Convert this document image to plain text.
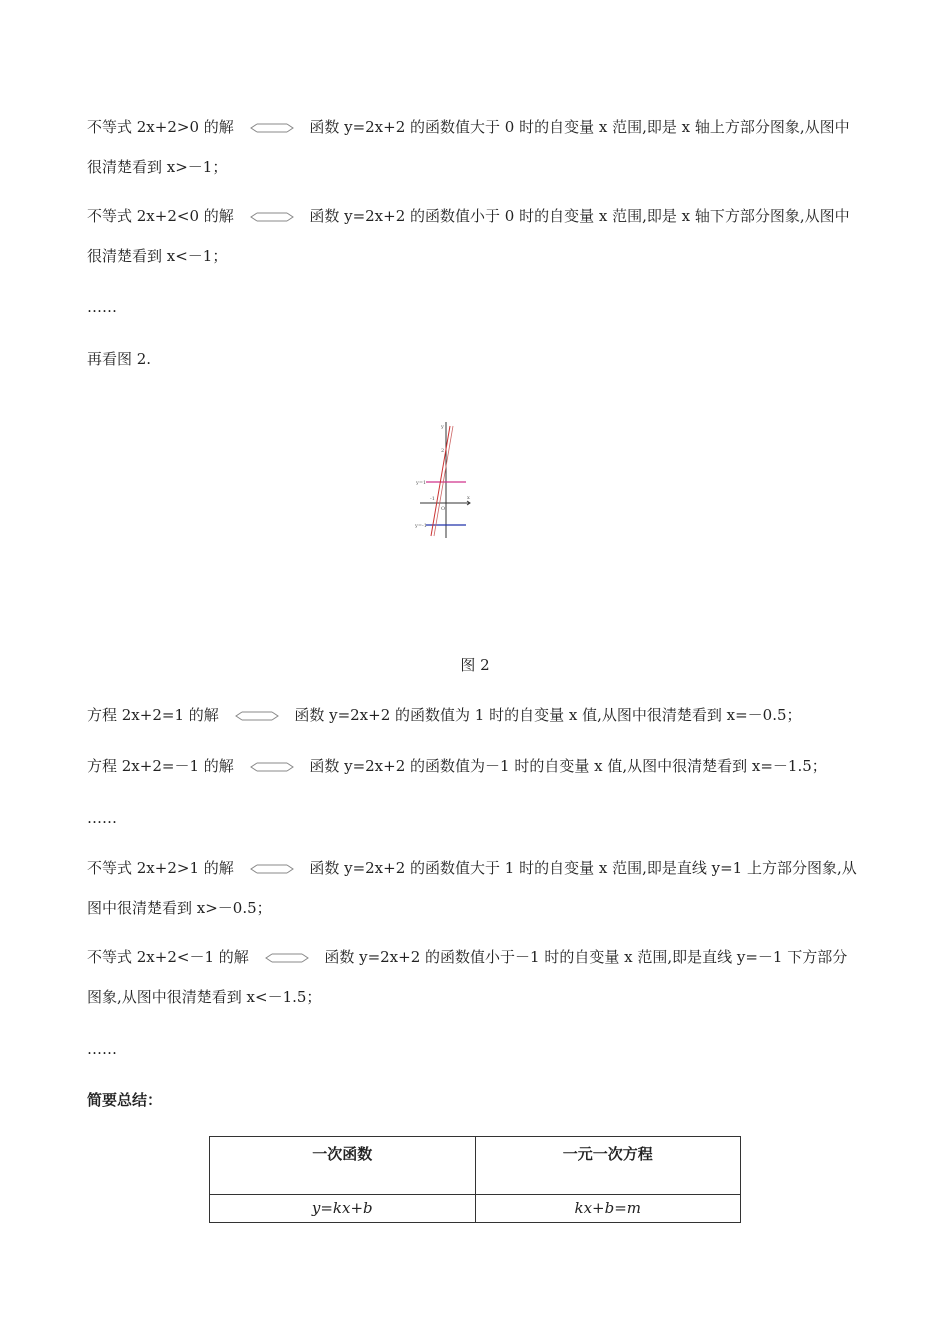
不等式 2x+2>0 的解	函数 y=2x+2 的函数值大于 0 时的自变量 x 范围,即是 x 轴上方部分图象,从图中
很清楚看到 x>－1；
不等式 2x+2<0 的解	函数 y=2x+2 的函数值小于 0 时的自变量 x 范围,即是 x 轴下方部分图象,从图中
很清楚看到 x<－1；
……
再看图 2.
y
2
y=1
-1
O
x
y=-1
图 2
方程 2x+2=1 的解	函数 y=2x+2 的函数值为 1 时的自变量 x 值,从图中很清楚看到 x=－0.5；
方程 2x+2=－1 的解	函数 y=2x+2 的函数值为－1 时的自变量 x 值,从图中很清楚看到 x=－1.5；
……
不等式 2x+2>1 的解	函数 y=2x+2 的函数值大于 1 时的自变量 x 范围,即是直线 y=1 上方部分图象,从
图中很清楚看到 x>－0.5；
不等式 2x+2<－1 的解	函数 y=2x+2 的函数值小于－1 时的自变量 x 范围,即是直线 y=－1 下方部分
图象,从图中很清楚看到 x<－1.5；
……
简要总结：
一次函数	一元一次方程
y=kx+b	kx+b=m
